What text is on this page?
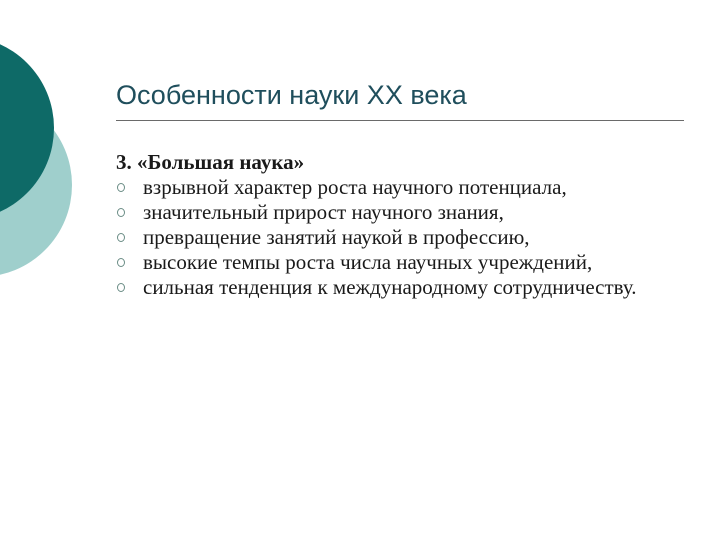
Особенности науки XX века
3. «Большая наука»
взрывной характер роста научного потенциала,
значительный прирост научного знания,
превращение занятий наукой в профессию,
высокие темпы роста числа научных учреждений,
сильная тенденция к международному сотрудничеству.
